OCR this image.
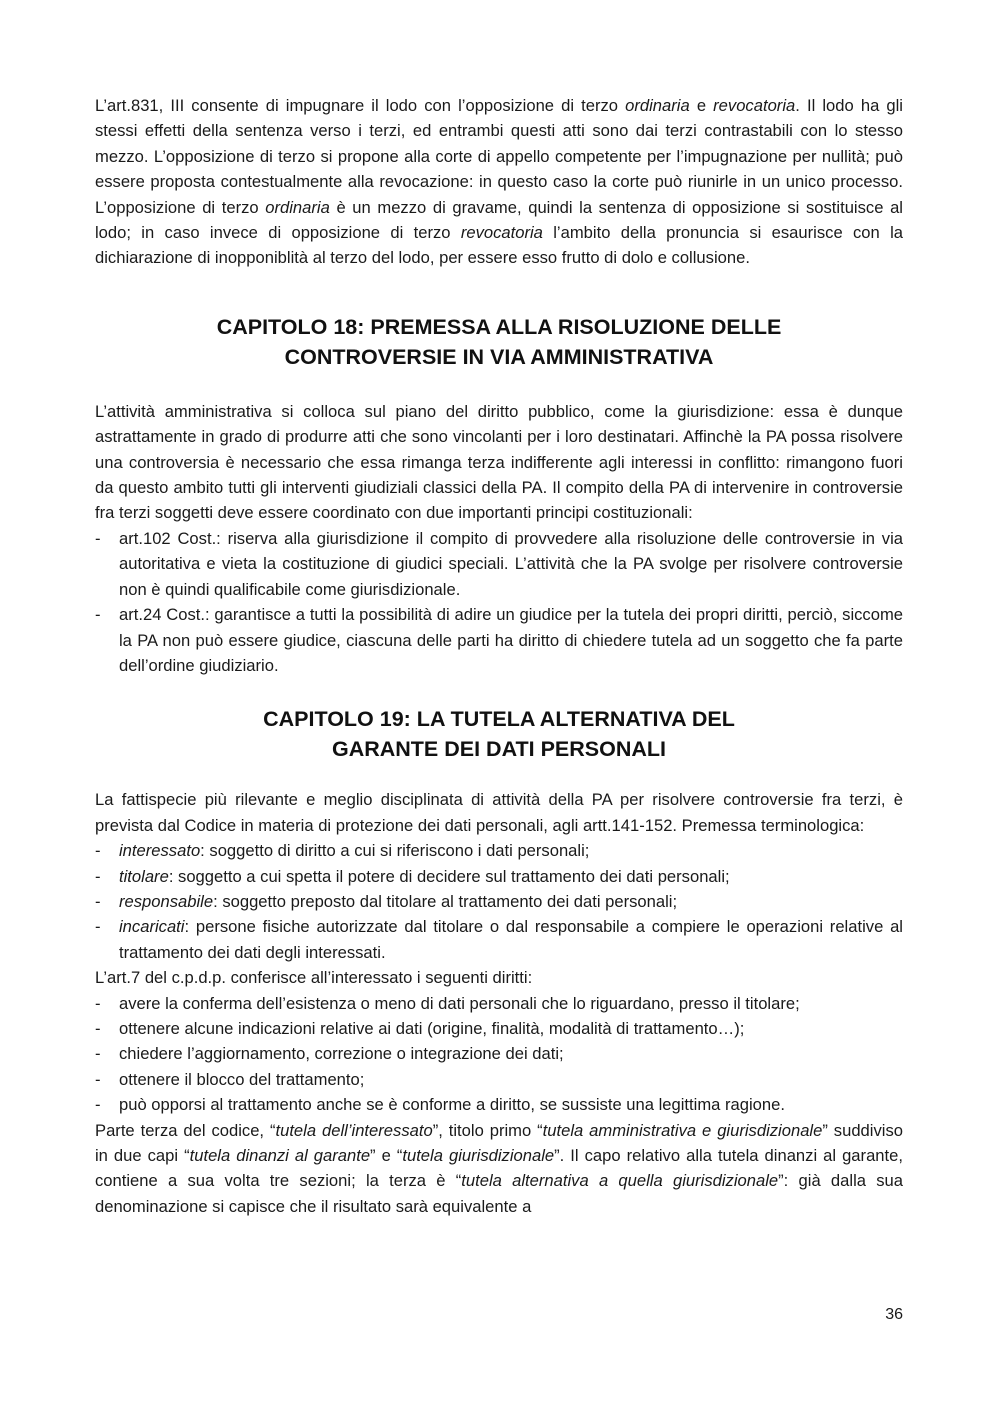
L’art.831, III consente di impugnare il lodo con l’opposizione di terzo ordinaria e revocatoria. Il lodo ha gli stessi effetti della sentenza verso i terzi, ed entrambi questi atti sono dai terzi contrastabili con lo stesso mezzo. L’opposizione di terzo si propone alla corte di appello competente per l’impugnazione per nullità; può essere proposta contestualmente alla revocazione: in questo caso la corte può riunirle in un unico processo. L’opposizione di terzo ordinaria è un mezzo di gravame, quindi la sentenza di opposizione si sostituisce al lodo; in caso invece di opposizione di terzo revocatoria l’ambito della pronuncia si esaurisce con la dichiarazione di inopponiblità al terzo del lodo, per essere esso frutto di dolo e collusione.

CAPITOLO 18: PREMESSA ALLA RISOLUZIONE DELLE
CONTROVERSIE IN VIA AMMINISTRATIVA

L’attività amministrativa si colloca sul piano del diritto pubblico, come la giurisdizione: essa è dunque astrattamente in grado di produrre atti che sono vincolanti per i loro destinatari. Affinchè la PA possa risolvere una controversia è necessario che essa rimanga terza indifferente agli interessi in conflitto: rimangono fuori da questo ambito tutti gli interventi giudiziali classici della PA. Il compito della PA di intervenire in controversie fra terzi soggetti deve essere coordinato con due importanti principi costituzionali:

- art.102 Cost.: riserva alla giurisdizione il compito di provvedere alla risoluzione delle controversie in via autoritativa e vieta la costituzione di giudici speciali. L’attività che la PA svolge per risolvere controversie non è quindi qualificabile come giurisdizionale.
- art.24 Cost.: garantisce a tutti la possibilità di adire un giudice per la tutela dei propri diritti, perciò, siccome la PA non può essere giudice, ciascuna delle parti ha diritto di chiedere tutela ad un soggetto che fa parte dell’ordine giudiziario.
CAPITOLO 19: LA TUTELA ALTERNATIVA DEL
GARANTE DEI DATI PERSONALI

La fattispecie più rilevante e meglio disciplinata di attività della PA per risolvere controversie fra terzi, è prevista dal Codice in materia di protezione dei dati personali, agli artt.141-152. Premessa terminologica:

- interessato: soggetto di diritto a cui si riferiscono i dati personali;
- titolare: soggetto a cui spetta il potere di decidere sul trattamento dei dati personali;
- responsabile: soggetto preposto dal titolare al trattamento dei dati personali;
- incaricati: persone fisiche autorizzate dal titolare o dal responsabile a compiere le operazioni relative al trattamento dei dati degli interessati.

L’art.7 del c.p.d.p. conferisce all’interessato i seguenti diritti:

- avere la conferma dell’esistenza o meno di dati personali che lo riguardano, presso il titolare;
- ottenere alcune indicazioni relative ai dati (origine, finalità, modalità di trattamento…);
- chiedere l’aggiornamento, correzione o integrazione dei dati;
- ottenere il blocco del trattamento;
- può opporsi al trattamento anche se è conforme a diritto, se sussiste una legittima ragione.

Parte terza del codice, “tutela dell’interessato”, titolo primo “tutela amministrativa e giurisdizionale” suddiviso in due capi “tutela dinanzi al garante” e “tutela giurisdizionale”. Il capo relativo alla tutela dinanzi al garante, contiene a sua volta tre sezioni; la terza è “tutela alternativa a quella giurisdizionale”: già dalla sua denominazione si capisce che il risultato sarà equivalente a

36
